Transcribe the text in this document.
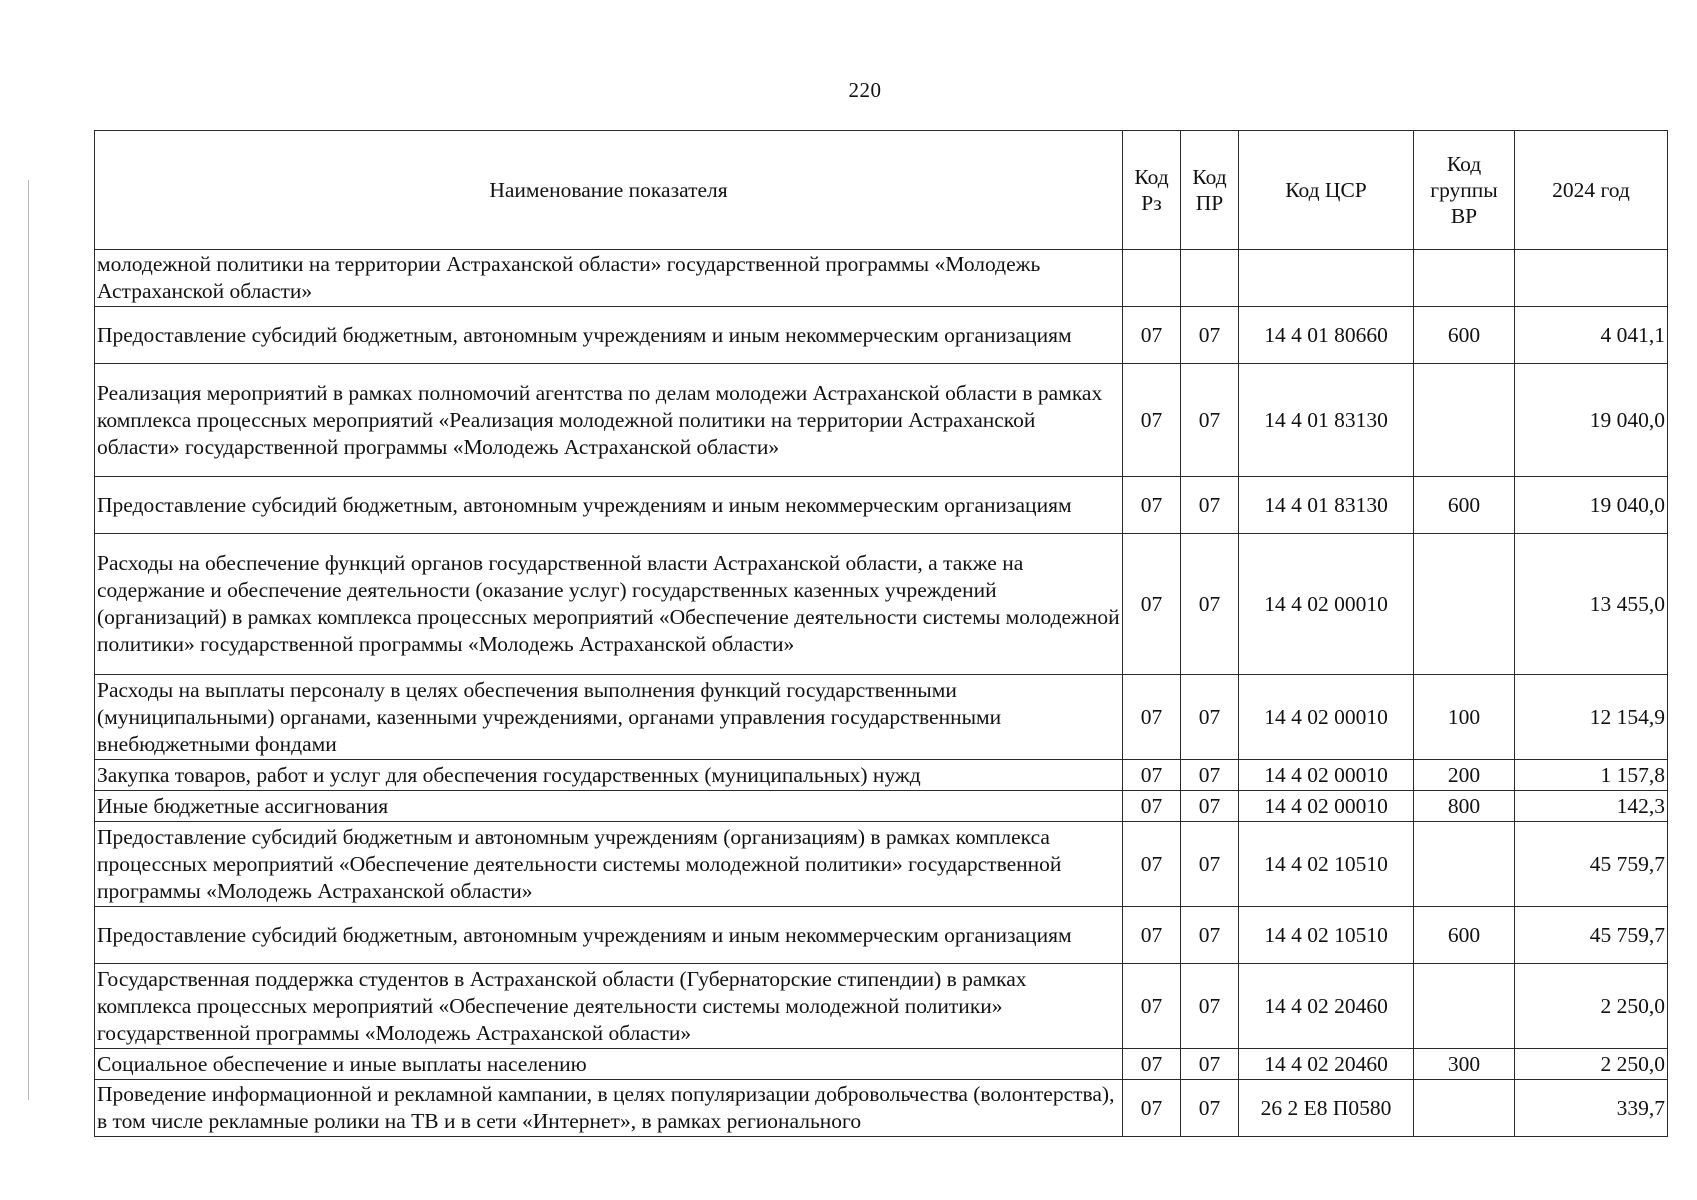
220
Наименование показателя	Код Рз	Код ПР	Код ЦСР	Код группы ВР	2024 год
молодежной политики на территории Астраханской области» государственной программы «Молодежь Астраханской области»					
Предоставление субсидий бюджетным, автономным учреждениям и иным некоммерческим организациям	07	07	14 4 01 80660	600	4 041,1
Реализация мероприятий в рамках полномочий агентства по делам молодежи Астраханской области в рамках комплекса процессных мероприятий «Реализация молодежной политики на территории Астраханской области» государственной программы «Молодежь Астраханской области»	07	07	14 4 01 83130		19 040,0
Предоставление субсидий бюджетным, автономным учреждениям и иным некоммерческим организациям	07	07	14 4 01 83130	600	19 040,0
Расходы на обеспечение функций органов государственной власти Астраханской области, а также на содержание и обеспечение деятельности (оказание услуг) государственных казенных учреждений (организаций) в рамках комплекса процессных мероприятий «Обеспечение деятельности системы молодежной политики» государственной программы «Молодежь Астраханской области»	07	07	14 4 02 00010		13 455,0
Расходы на выплаты персоналу в целях обеспечения выполнения функций государственными (муниципальными) органами, казенными учреждениями, органами управления государственными внебюджетными фондами	07	07	14 4 02 00010	100	12 154,9
Закупка товаров, работ и услуг для обеспечения государственных (муниципальных) нужд	07	07	14 4 02 00010	200	1 157,8
Иные бюджетные ассигнования	07	07	14 4 02 00010	800	142,3
Предоставление субсидий бюджетным и автономным учреждениям (организациям) в рамках комплекса процессных мероприятий «Обеспечение деятельности системы молодежной политики» государственной программы «Молодежь Астраханской области»	07	07	14 4 02 10510		45 759,7
Предоставление субсидий бюджетным, автономным учреждениям и иным некоммерческим организациям	07	07	14 4 02 10510	600	45 759,7
Государственная поддержка студентов в Астраханской области (Губернаторские стипендии) в рамках комплекса процессных мероприятий «Обеспечение деятельности системы молодежной политики» государственной программы «Молодежь Астраханской области»	07	07	14 4 02 20460		2 250,0
Социальное обеспечение и иные выплаты населению	07	07	14 4 02 20460	300	2 250,0
Проведение информационной и рекламной кампании, в целях популяризации добровольчества (волонтерства), в том числе рекламные ролики на ТВ и в сети «Интернет», в рамках регионального	07	07	26 2 E8 П0580		339,7
